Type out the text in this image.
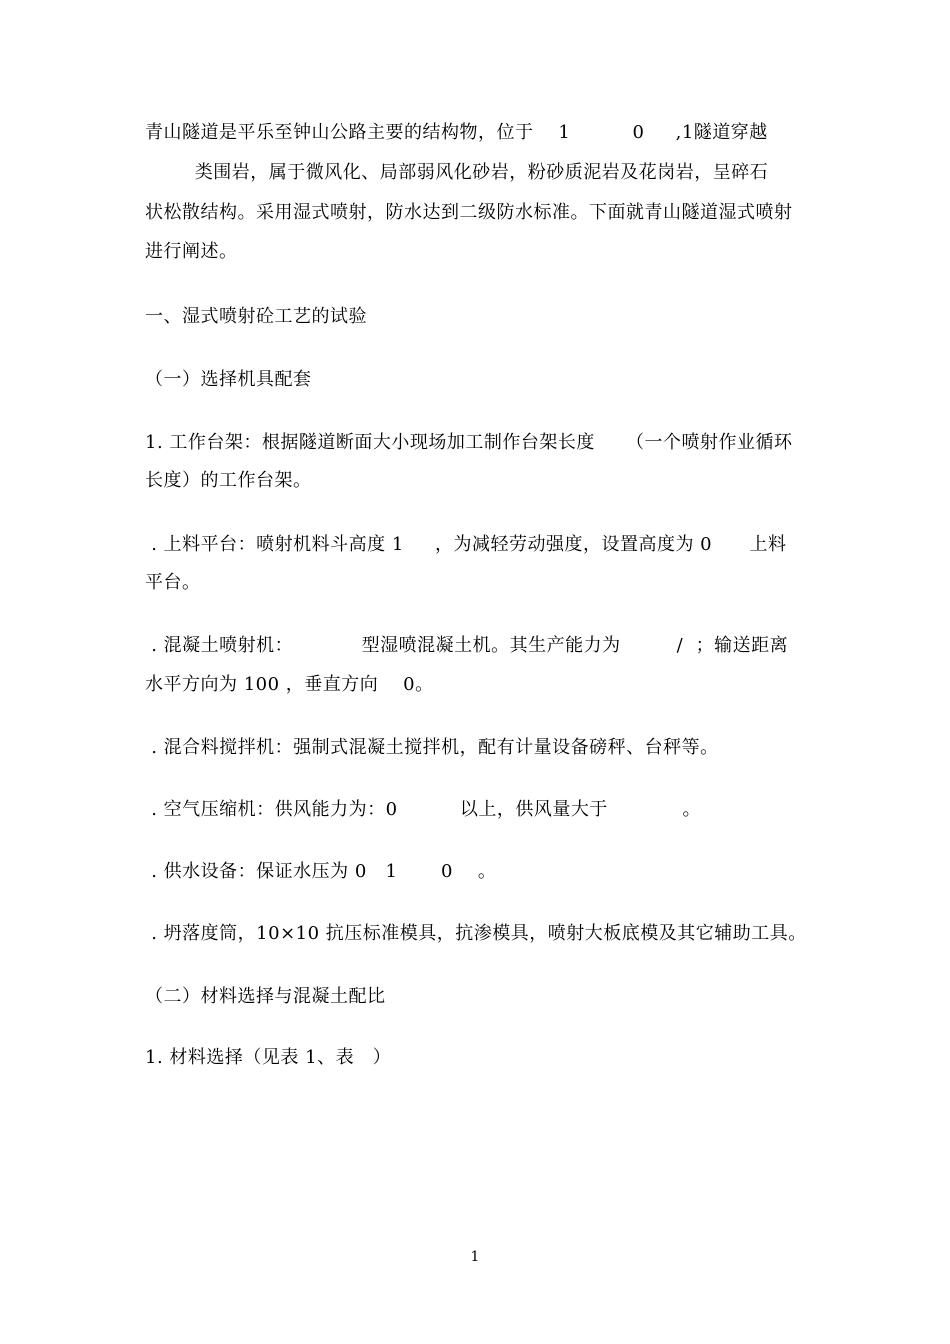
青山隧道是平乐至钟山公路主要的结构物，位于    1          0     ,1隧道穿越
类围岩，属于微风化、局部弱风化砂岩，粉砂质泥岩及花岗岩，呈碎石
状松散结构。采用湿式喷射，防水达到二级防水标准。下面就青山隧道湿式喷射
进行阐述。
一、湿式喷射砼工艺的试验
（一）选择机具配套
1. 工作台架：根据隧道断面大小现场加工制作台架长度     （一个喷射作业循环
长度）的工作台架。
. 上料平台：喷射机料斗高度 1     ，为减轻劳动强度，设置高度为 0      上料
平台。
. 混凝土喷射机：           型湿喷混凝土机。其生产能力为         /  ；输送距离
水平方向为 100 ，垂直方向    0。
. 混合料搅拌机：强制式混凝土搅拌机，配有计量设备磅秤、台秤等。
. 空气压缩机：供风能力为：0          以上，供风量大于            。
. 供水设备：保证水压为 0   1       0    。
. 坍落度筒，10×10 抗压标准模具，抗渗模具，喷射大板底模及其它辅助工具。
（二）材料选择与混凝土配比
1. 材料选择（见表 1、表   ）
1
